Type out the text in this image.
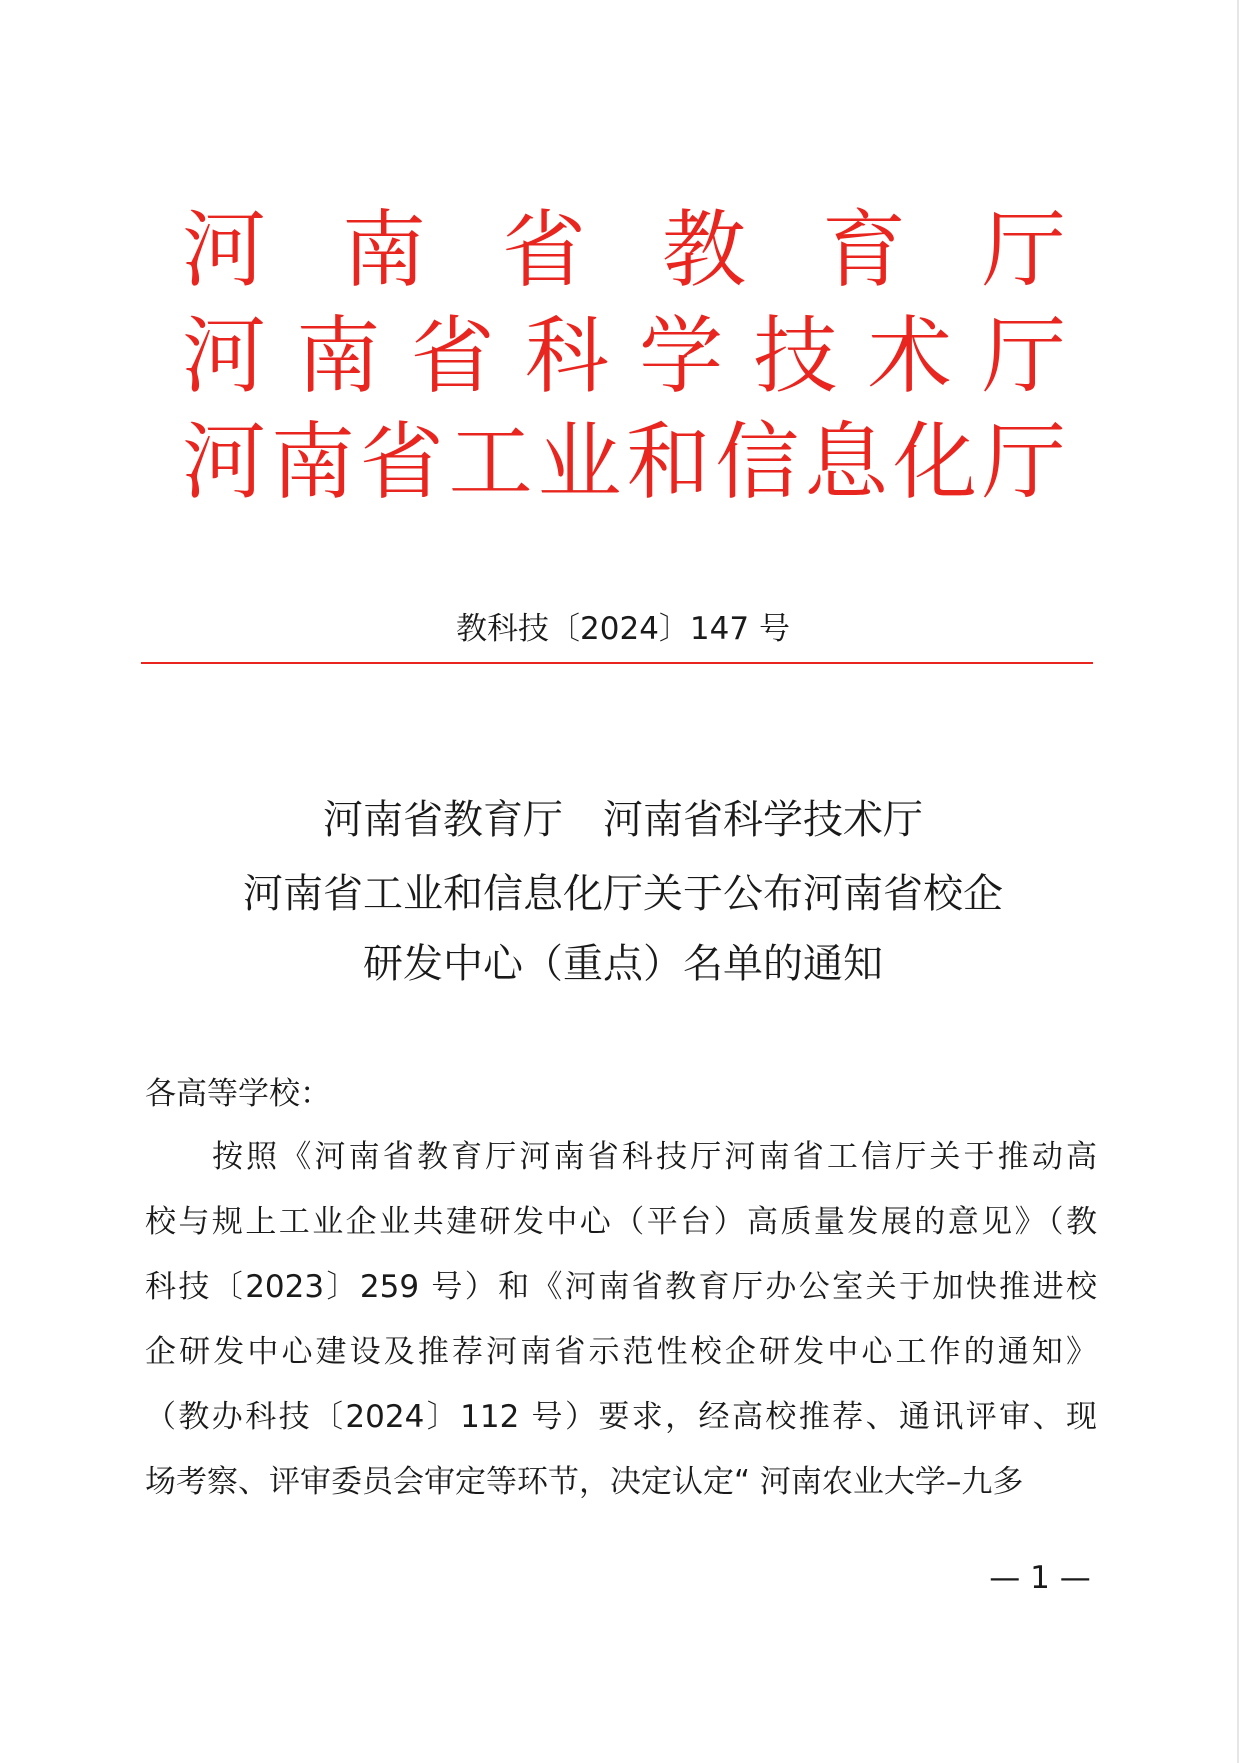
河 南 省 教 育 厅
河 南 省 科 学 技 术 厅
河 南 省 工 业 和 信 息 化 厅
教科技〔2024〕147 号
河南省教育厅　河南省科学技术厅
河南省工业和信息化厅关于公布河南省校企
研发中心（重点）名单的通知
各高等学校：
按照《河南省教育厅河南省科技厅河南省工信厅关于推动高
校与规上工业企业共建研发中心（平台）高质量发展的意见》（教
科技〔2023〕259 号）和《河南省教育厅办公室关于加快推进校
企研发中心建设及推荐河南省示范性校企研发中心工作的通知》
（教办科技〔2024〕112 号）要求，经高校推荐、通讯评审、现
场考察、评审委员会审定等环节，决定认定“ 河南农业大学–九多
— 1 —
